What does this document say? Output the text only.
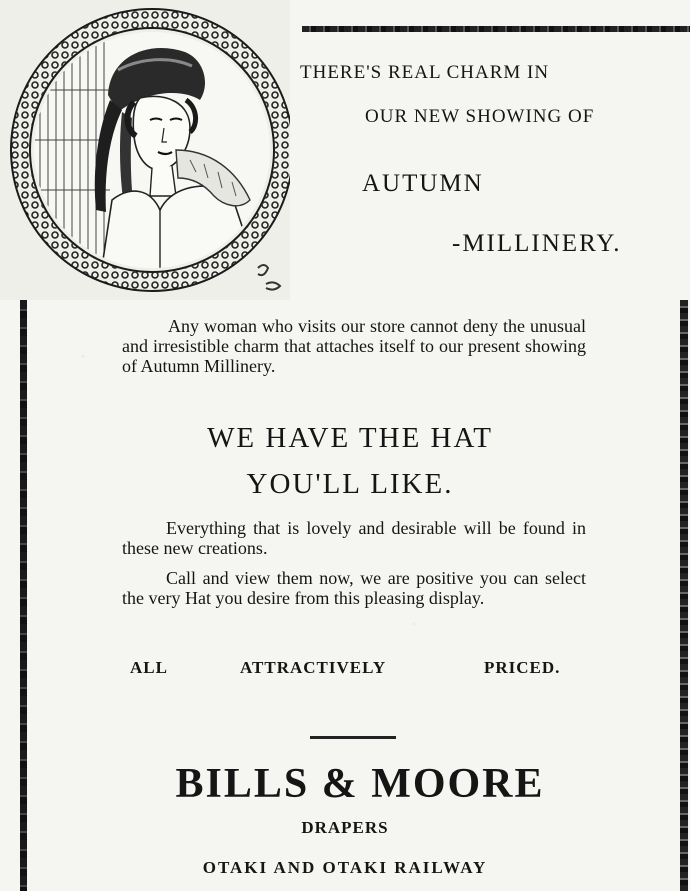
THERE'S REAL CHARM IN
OUR NEW SHOWING OF
AUTUMN
-MILLINERY.
Any woman who visits our store cannot deny the unusual and irresistible charm that attaches itself to our present showing of Autumn Millinery.
WE HAVE THE HAT
YOU'LL LIKE.
Everything that is lovely and desirable will be found in these new creations.
Call and view them now, we are positive you can select the very Hat you desire from this pleasing display.
ALL	ATTRACTIVELY	PRICED.
BILLS & MOORE
DRAPERS
OTAKI AND OTAKI RAILWAY
